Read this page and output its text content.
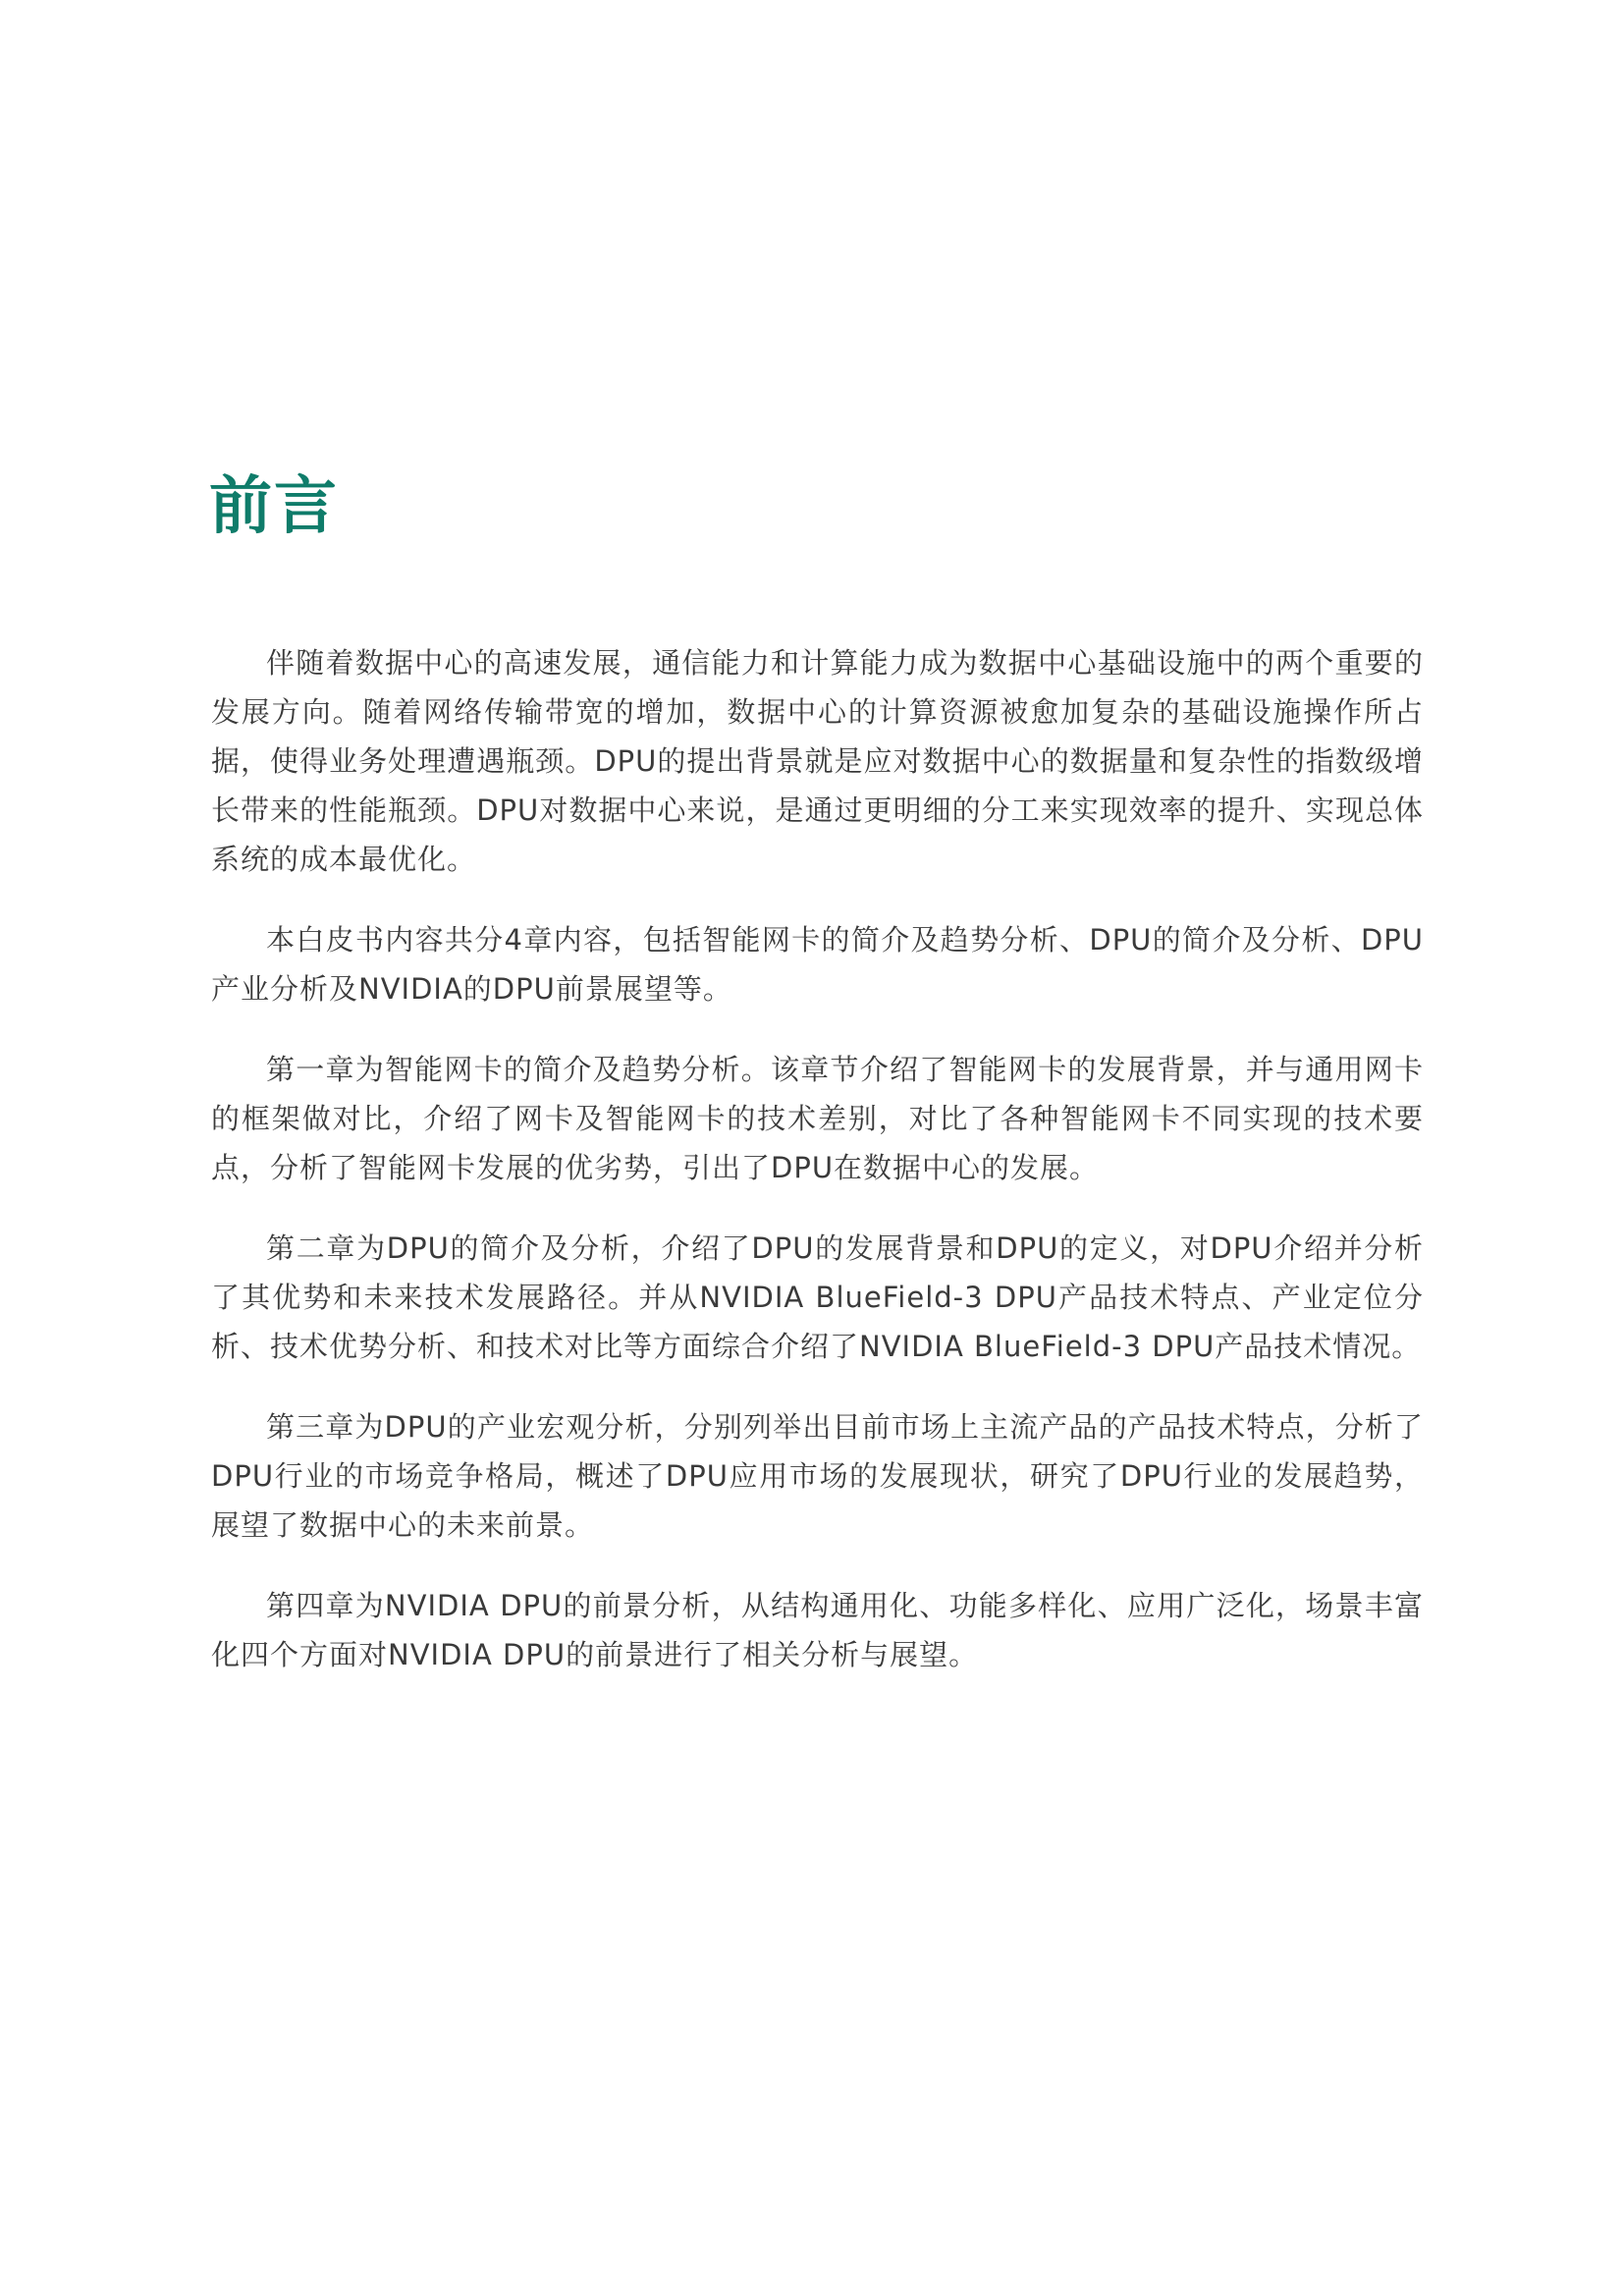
前言

伴随着数据中心的高速发展，通信能力和计算能力成为数据中心基础设施中的两个重要的发展方向。随着网络传输带宽的增加，数据中心的计算资源被愈加复杂的基础设施操作所占据，使得业务处理遭遇瓶颈。DPU的提出背景就是应对数据中心的数据量和复杂性的指数级增长带来的性能瓶颈。DPU对数据中心来说，是通过更明细的分工来实现效率的提升、实现总体系统的成本最优化。

本白皮书内容共分4章内容，包括智能网卡的简介及趋势分析、DPU的简介及分析、DPU产业分析及NVIDIA的DPU前景展望等。

第一章为智能网卡的简介及趋势分析。该章节介绍了智能网卡的发展背景，并与通用网卡的框架做对比，介绍了网卡及智能网卡的技术差别，对比了各种智能网卡不同实现的技术要点，分析了智能网卡发展的优劣势，引出了DPU在数据中心的发展。

第二章为DPU的简介及分析，介绍了DPU的发展背景和DPU的定义，对DPU介绍并分析了其优势和未来技术发展路径。并从NVIDIA BlueField-3 DPU产品技术特点、产业定位分析、技术优势分析、和技术对比等方面综合介绍了NVIDIA BlueField-3 DPU产品技术情况。

第三章为DPU的产业宏观分析，分别列举出目前市场上主流产品的产品技术特点，分析了DPU行业的市场竞争格局，概述了DPU应用市场的发展现状，研究了DPU行业的发展趋势，展望了数据中心的未来前景。

第四章为NVIDIA DPU的前景分析，从结构通用化、功能多样化、应用广泛化，场景丰富化四个方面对NVIDIA DPU的前景进行了相关分析与展望。
